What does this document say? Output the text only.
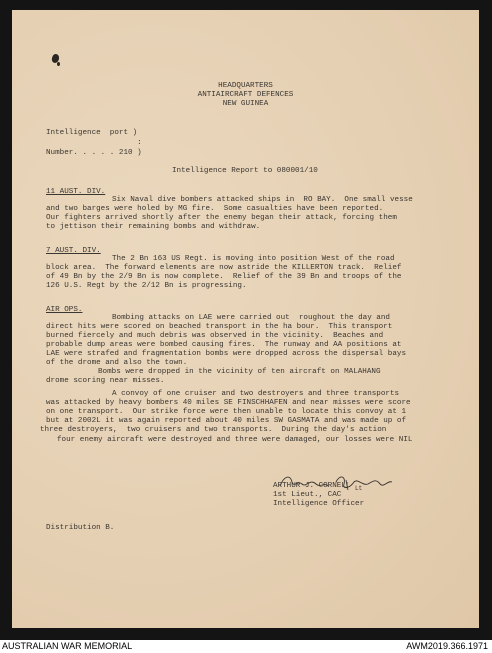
HEADQUARTERS
ANTIAIRCRAFT DEFENCES
NEW GUINEA
Intelligence  port )
:
Number. . . . . 210 )
Intelligence Report to 080001/10
11 AUST. DIV.
Six Naval dive bombers attacked ships in  RO BAY.  One small vesse
and two barges were holed by MG fire.  Some casualties have been reported.
Our fighters arrived shortly after the enemy began their attack, forcing them
to jettison their remaining bombs and withdraw.
7 AUST. DIV.
The 2 Bn 163 US Regt. is moving into position West of the road
block area.  The forward elements are now astride the KILLERTON track.  Relief
of 49 Bn by the 2/9 Bn is now complete.  Relief of the 39 Bn and troops of the
126 U.S. Regt by the 2/12 Bn is progressing.
AIR OPS.
Bombing attacks on LAE were carried out  roughout the day and
direct hits were scored on beached transport in the ha bour.  This transport
burned fiercely and much debris was observed in the vicinity.  Beaches and
probable dump areas were bombed causing fires.  The runway and AA positions at
LAE were strafed and fragmentation bombs were dropped across the dispersal bays
of the drome and also the town.
Bombs were dropped in the vicinity of ten aircraft on MALAHANG
drome scoring near misses.
A convoy of one cruiser and two destroyers and three transports
was attacked by heavy bombers 40 miles SE FINSCHHAFEN and near misses were score
on one transport.  Our strike force were then unable to locate this convoy at 1
but at 2002L it was again reported about 40 miles SW GASMATA and was made up of
three destroyers,  two cruisers and two transports.  During the day's action
four enemy aircraft were destroyed and three were damaged, our losses were NIL
ARTHUR J. CORNELL Lt
1st Lieut., CAC
Intelligence Officer
Distribution B.
AUSTRALIAN WAR MEMORIAL	AWM2019.366.1971
